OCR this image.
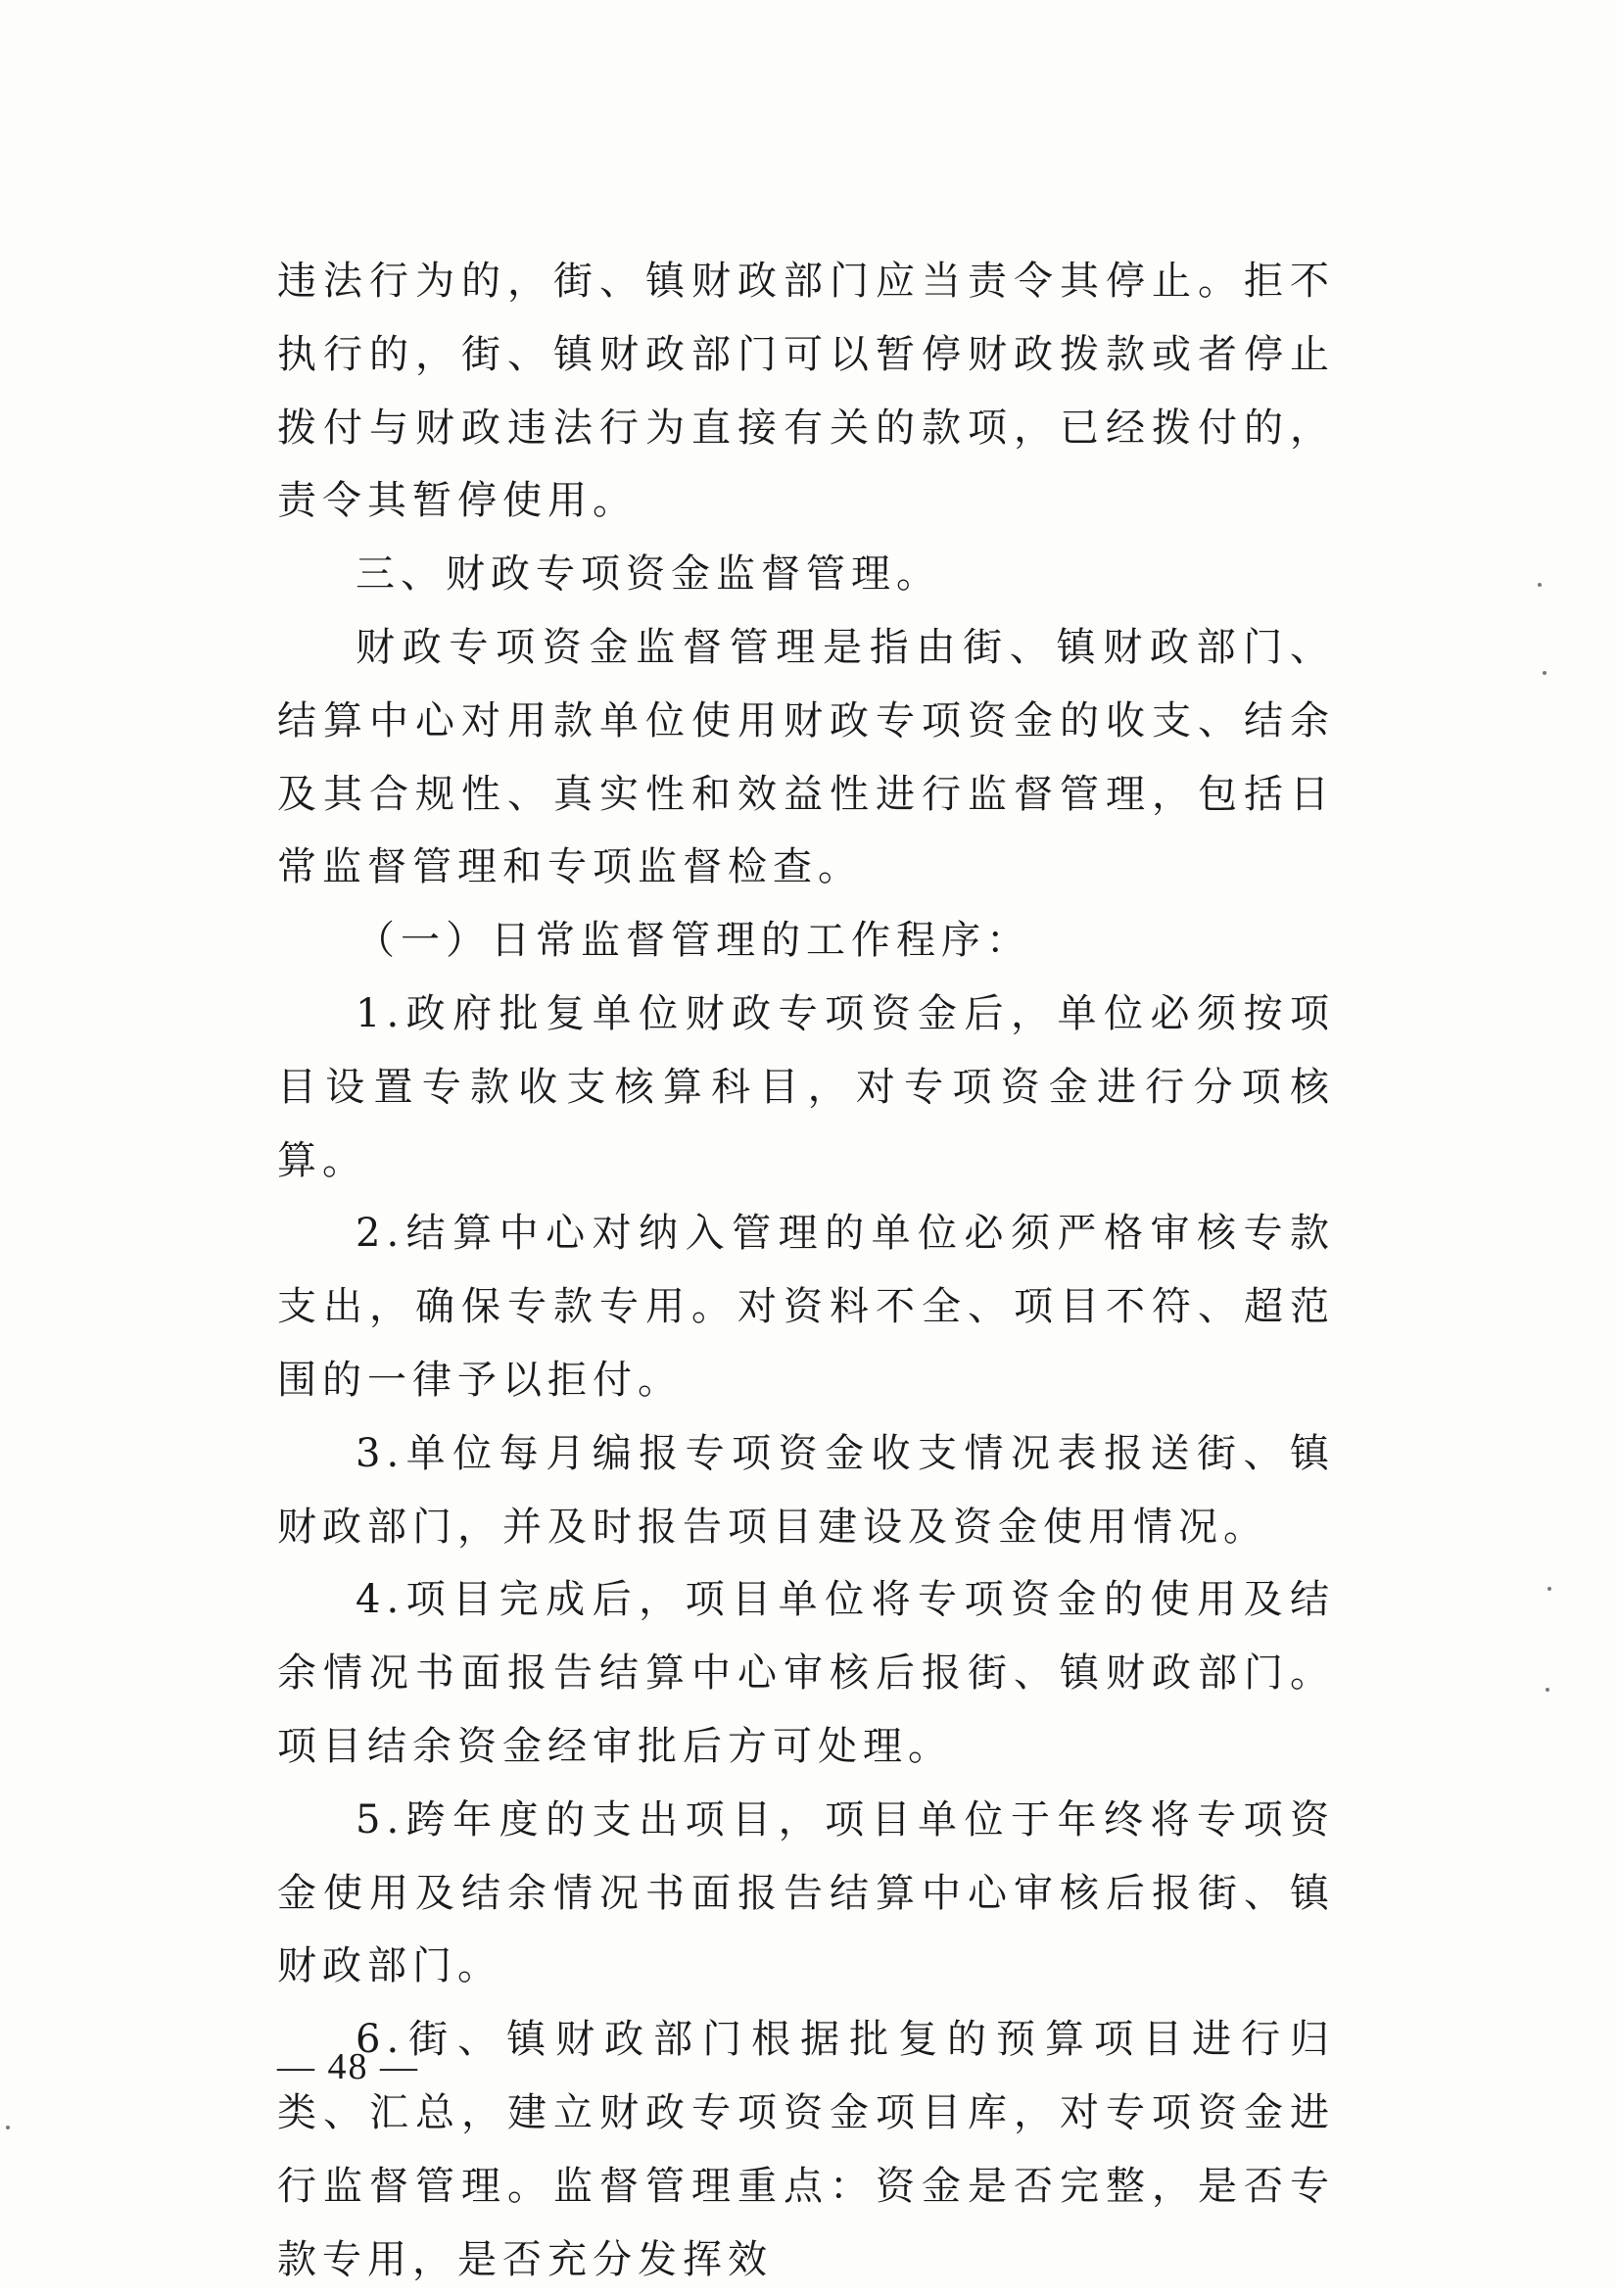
违法行为的，街、镇财政部门应当责令其停止。拒不执行的，街、镇财政部门可以暂停财政拨款或者停止拨付与财政违法行为直接有关的款项，已经拨付的，责令其暂停使用。

三、财政专项资金监督管理。

财政专项资金监督管理是指由街、镇财政部门、结算中心对用款单位使用财政专项资金的收支、结余及其合规性、真实性和效益性进行监督管理，包括日常监督管理和专项监督检查。

（一）日常监督管理的工作程序：

1.政府批复单位财政专项资金后，单位必须按项目设置专款收支核算科目，对专项资金进行分项核算。

2.结算中心对纳入管理的单位必须严格审核专款支出，确保专款专用。对资料不全、项目不符、超范围的一律予以拒付。

3.单位每月编报专项资金收支情况表报送街、镇财政部门，并及时报告项目建设及资金使用情况。

4.项目完成后，项目单位将专项资金的使用及结余情况书面报告结算中心审核后报街、镇财政部门。项目结余资金经审批后方可处理。

5.跨年度的支出项目，项目单位于年终将专项资金使用及结余情况书面报告结算中心审核后报街、镇财政部门。

6.街、镇财政部门根据批复的预算项目进行归类、汇总，建立财政专项资金项目库，对专项资金进行监督管理。监督管理重点：资金是否完整，是否专款专用，是否充分发挥效

— 48 —
